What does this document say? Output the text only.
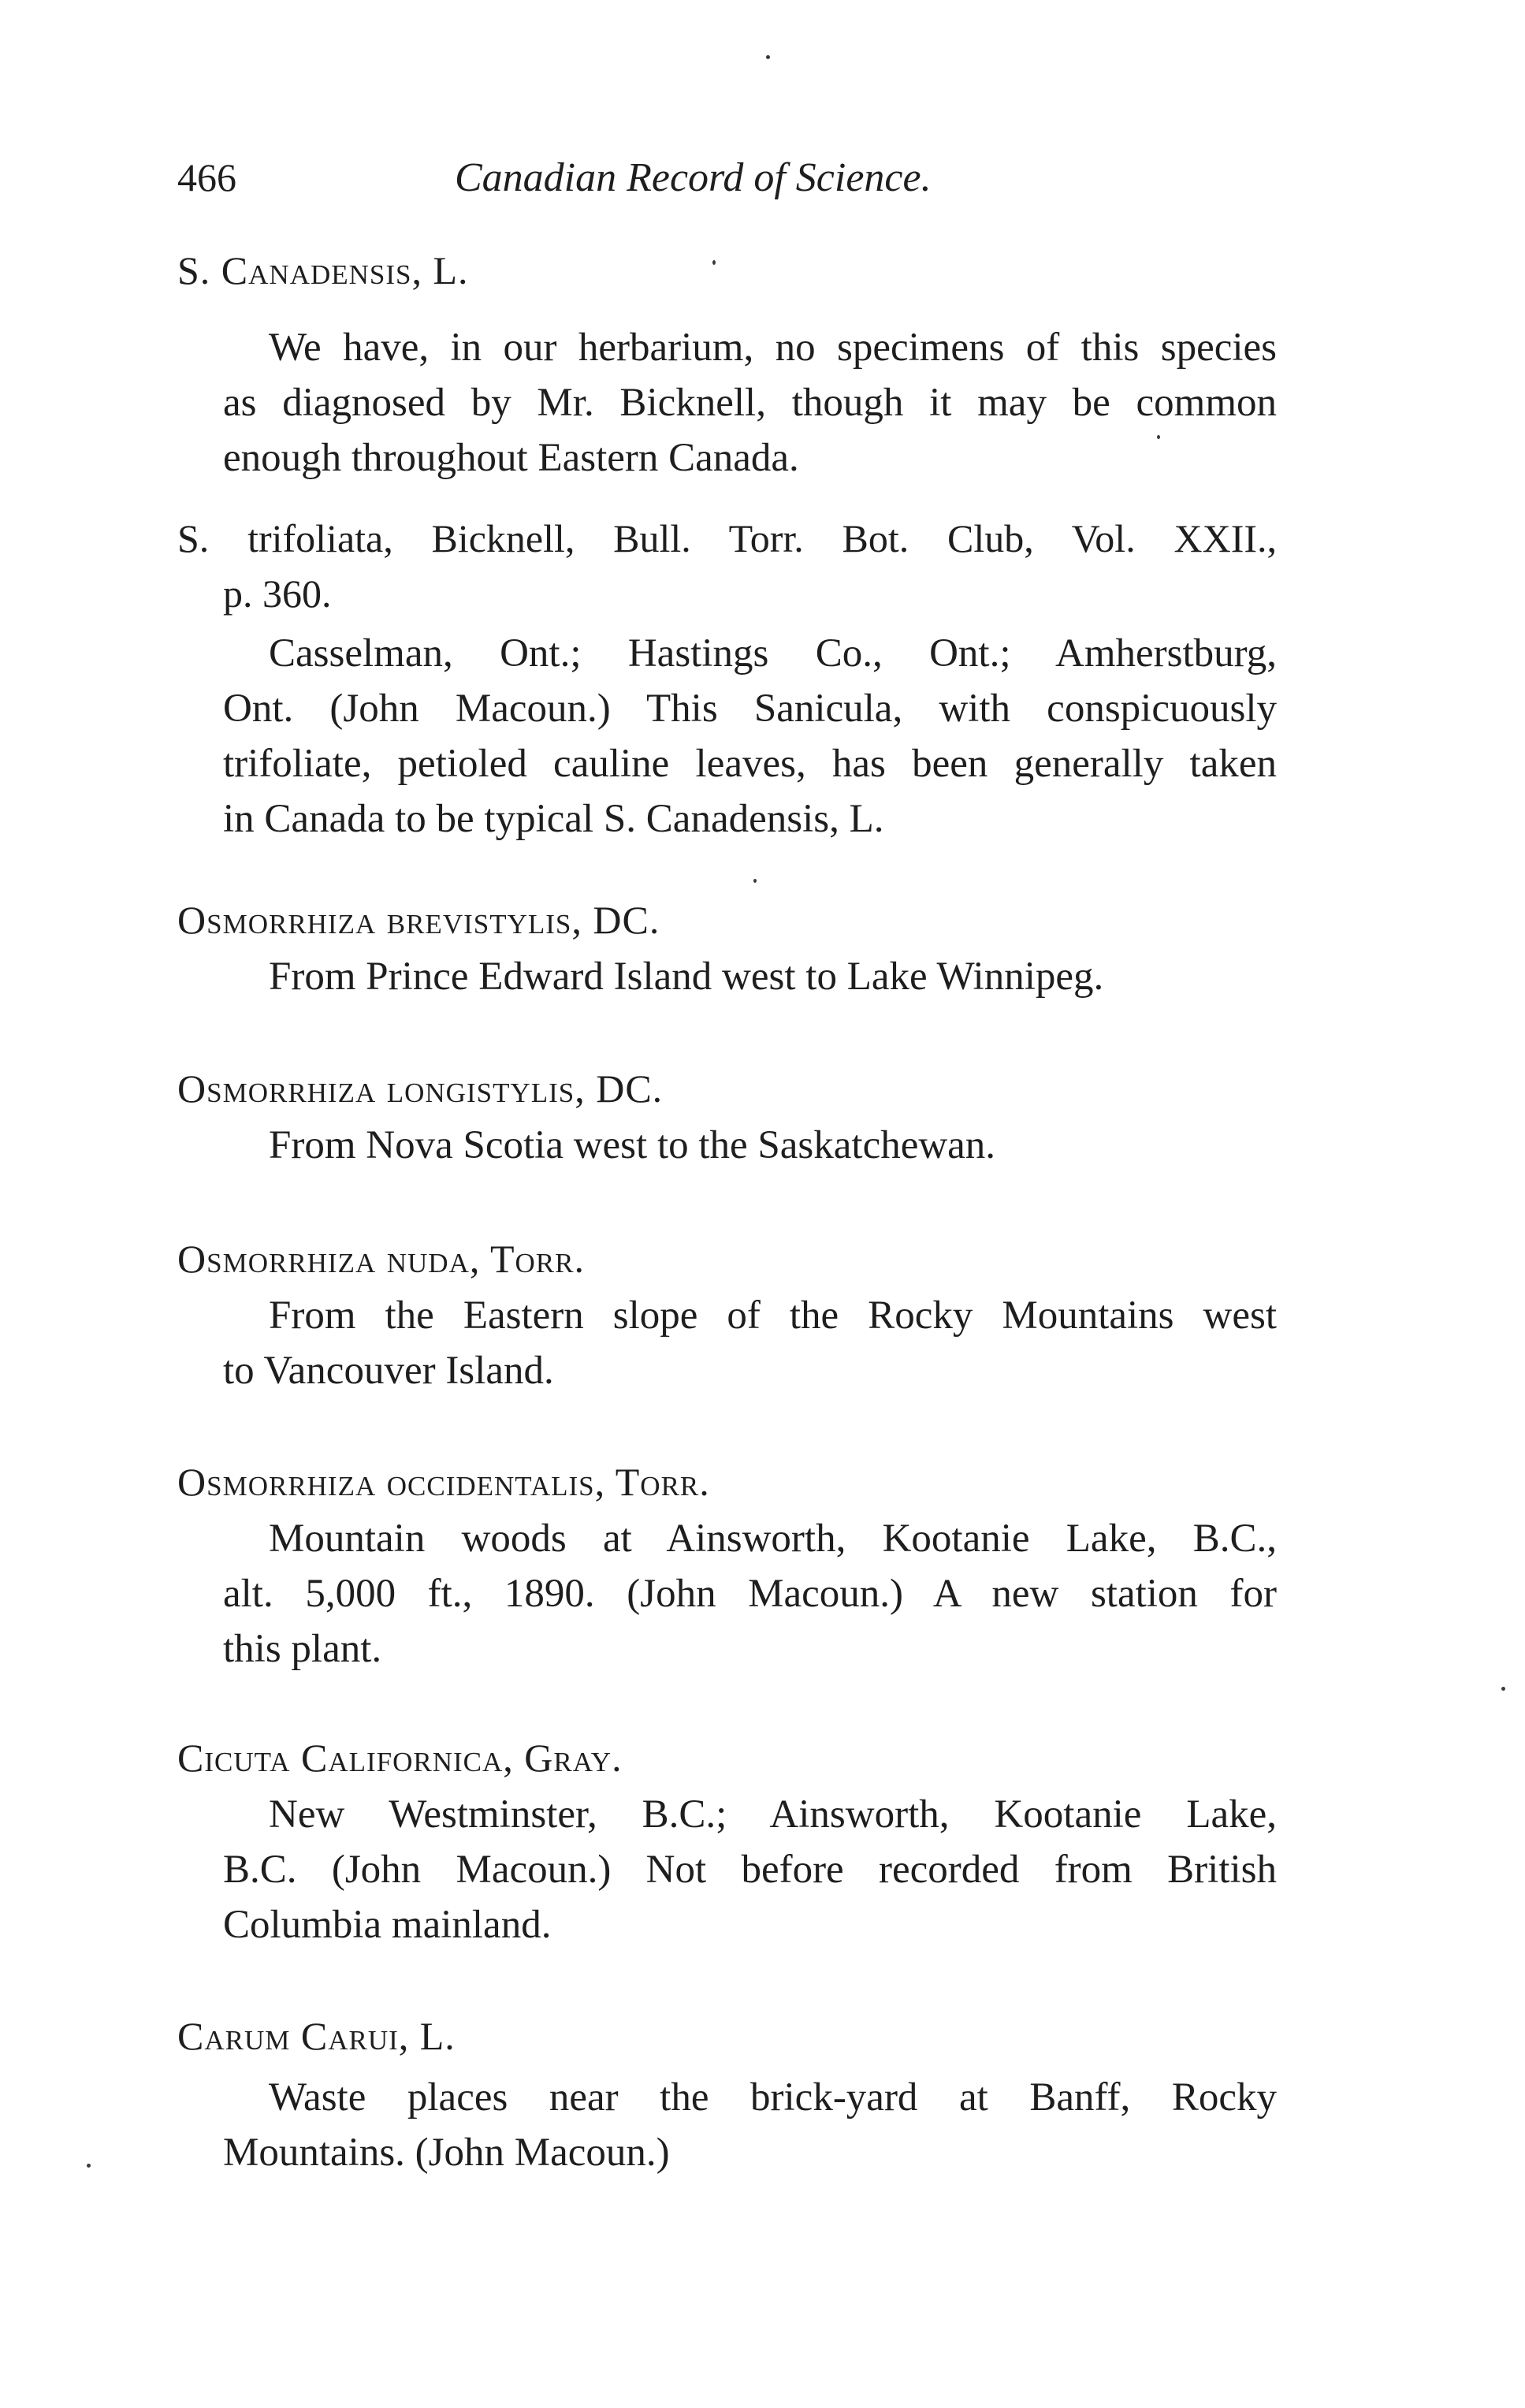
466	Canadian Record of Science.
S. Canadensis, L.
We have, in our herbarium, no specimens of this species
as diagnosed by Mr. Bicknell, though it may be common
enough throughout Eastern Canada.
S. trifoliata, Bicknell, Bull. Torr. Bot. Club, Vol. XXII.,
p. 360.
Casselman, Ont.; Hastings Co., Ont.; Amherstburg,
Ont. (John Macoun.) This Sanicula, with conspicuously
trifoliate, petioled cauline leaves, has been generally taken
in Canada to be typical S. Canadensis, L.
Osmorrhiza brevistylis, DC.
From Prince Edward Island west to Lake Winnipeg.
Osmorrhiza longistylis, DC.
From Nova Scotia west to the Saskatchewan.
Osmorrhiza nuda, Torr.
From the Eastern slope of the Rocky Mountains west
to Vancouver Island.
Osmorrhiza occidentalis, Torr.
Mountain woods at Ainsworth, Kootanie Lake, B.C.,
alt. 5,000 ft., 1890. (John Macoun.) A new station for
this plant.
Cicuta Californica, Gray.
New Westminster, B.C.; Ainsworth, Kootanie Lake,
B.C. (John Macoun.) Not before recorded from British
Columbia mainland.
Carum Carui, L.
Waste places near the brick-yard at Banff, Rocky
Mountains. (John Macoun.)
